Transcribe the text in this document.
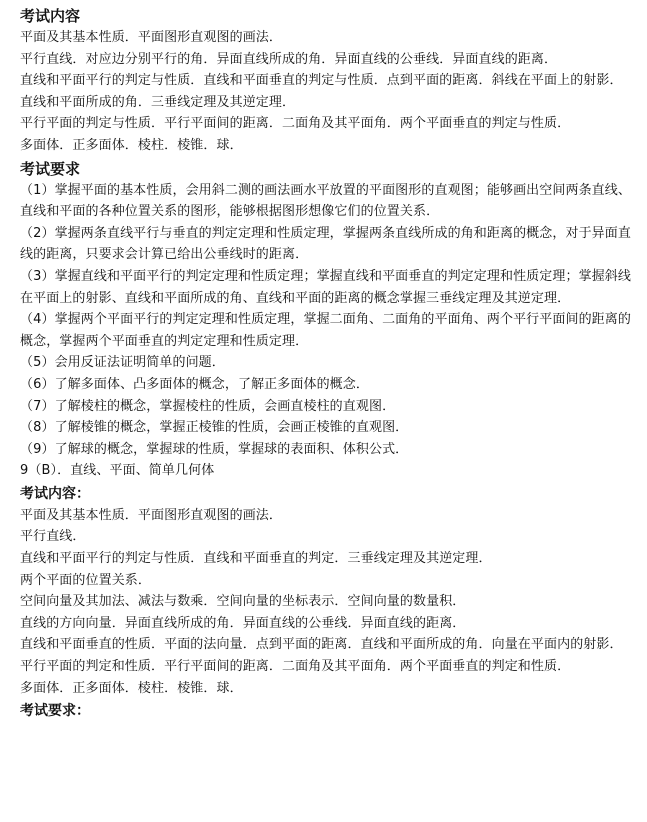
考试内容

平面及其基本性质．平面图形直观图的画法．

平行直线．对应边分别平行的角．异面直线所成的角．异面直线的公垂线．异面直线的距离．

直线和平面平行的判定与性质．直线和平面垂直的判定与性质．点到平面的距离．斜线在平面上的射影．直线和平面所成的角．三垂线定理及其逆定理．

平行平面的判定与性质．平行平面间的距离．二面角及其平面角．两个平面垂直的判定与性质．

多面体．正多面体．棱柱．棱锥．球．

考试要求

（1）掌握平面的基本性质，会用斜二测的画法画水平放置的平面图形的直观图；能够画出空间两条直线、直线和平面的各种位置关系的图形，能够根据图形想像它们的位置关系．

（2）掌握两条直线平行与垂直的判定定理和性质定理，掌握两条直线所成的角和距离的概念，对于异面直线的距离，只要求会计算已给出公垂线时的距离．

（3）掌握直线和平面平行的判定定理和性质定理；掌握直线和平面垂直的判定定理和性质定理；掌握斜线在平面上的射影、直线和平面所成的角、直线和平面的距离的概念掌握三垂线定理及其逆定理．

（4）掌握两个平面平行的判定定理和性质定理，掌握二面角、二面角的平面角、两个平行平面间的距离的概念，掌握两个平面垂直的判定定理和性质定理．

（5）会用反证法证明简单的问题．

（6）了解多面体、凸多面体的概念，了解正多面体的概念．

（7）了解棱柱的概念，掌握棱柱的性质，会画直棱柱的直观图．

（8）了解棱锥的概念，掌握正棱锥的性质，会画正棱锥的直观图．

（9）了解球的概念，掌握球的性质，掌握球的表面积、体积公式．

9（B）．直线、平面、简单几何体

考试内容：

平面及其基本性质．平面图形直观图的画法．

平行直线．

直线和平面平行的判定与性质．直线和平面垂直的判定．三垂线定理及其逆定理．

两个平面的位置关系．

空间向量及其加法、减法与数乘．空间向量的坐标表示．空间向量的数量积．

直线的方向向量．异面直线所成的角．异面直线的公垂线．异面直线的距离．

直线和平面垂直的性质．平面的法向量．点到平面的距离．直线和平面所成的角．向量在平面内的射影．

平行平面的判定和性质．平行平面间的距离．二面角及其平面角．两个平面垂直的判定和性质．

多面体．正多面体．棱柱．棱锥．球．

考试要求：
